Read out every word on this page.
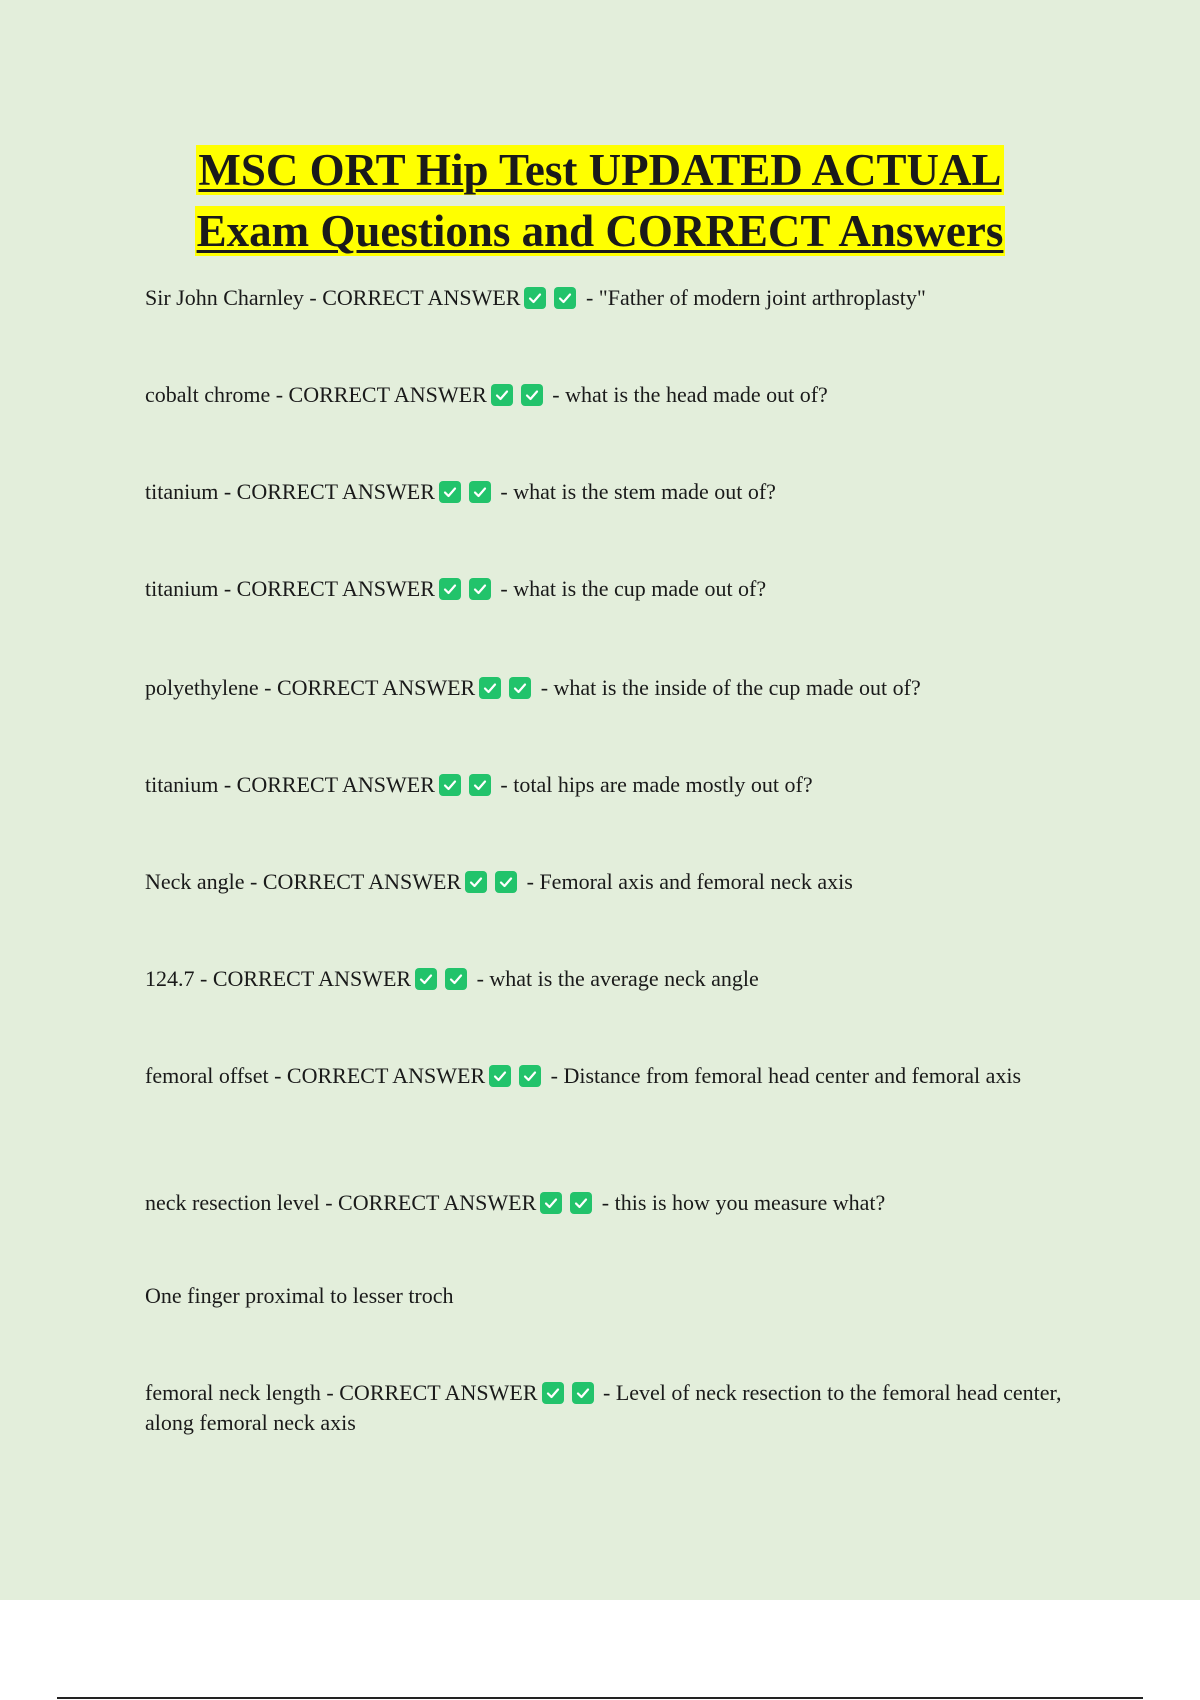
MSC ORT Hip Test UPDATED ACTUAL
Exam Questions and CORRECT Answers
Sir John Charnley - CORRECT ANSWER	- "Father of modern joint arthroplasty"
cobalt chrome - CORRECT ANSWER	- what is the head made out of?
titanium - CORRECT ANSWER	- what is the stem made out of?
titanium - CORRECT ANSWER	- what is the cup made out of?
polyethylene - CORRECT ANSWER	- what is the inside of the cup made out of?
titanium - CORRECT ANSWER	- total hips are made mostly out of?
Neck angle - CORRECT ANSWER	- Femoral axis and femoral neck axis
124.7 - CORRECT ANSWER	- what is the average neck angle
femoral offset - CORRECT ANSWER	- Distance from femoral head center and femoral axis
neck resection level - CORRECT ANSWER	- this is how you measure what?
One finger proximal to lesser troch
femoral neck length - CORRECT ANSWER	- Level of neck resection to the femoral head center, along femoral neck axis
